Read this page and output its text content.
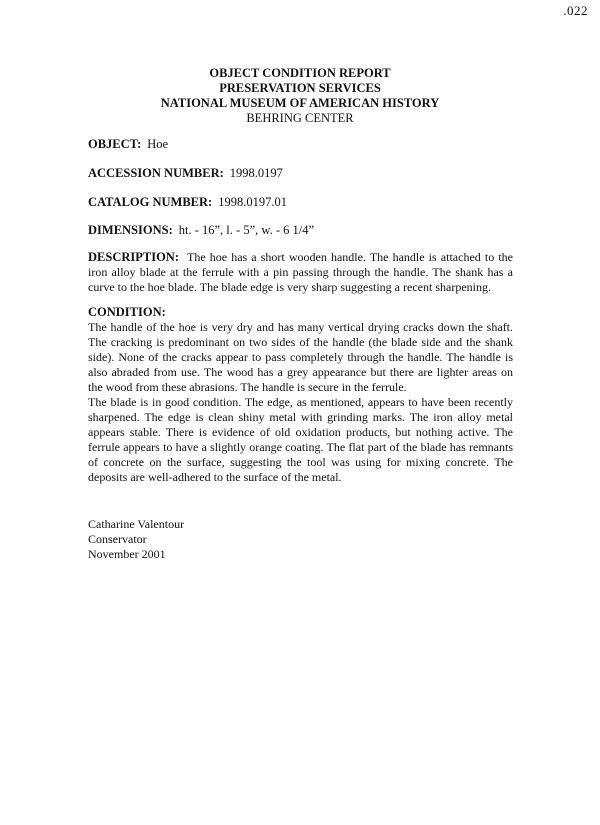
.022
OBJECT CONDITION REPORT
PRESERVATION SERVICES
NATIONAL MUSEUM OF AMERICAN HISTORY
BEHRING CENTER
OBJECT: Hoe
ACCESSION NUMBER: 1998.0197
CATALOG NUMBER: 1998.0197.01
DIMENSIONS: ht. - 16”, l. - 5”, w. - 6 1/4”

DESCRIPTION: The hoe has a short wooden handle. The handle is attached to the iron alloy blade at the ferrule with a pin passing through the handle. The shank has a curve to the hoe blade. The blade edge is very sharp suggesting a recent sharpening.

CONDITION:

The handle of the hoe is very dry and has many vertical drying cracks down the shaft. The cracking is predominant on two sides of the handle (the blade side and the shank side). None of the cracks appear to pass completely through the handle. The handle is also abraded from use. The wood has a grey appearance but there are lighter areas on the wood from these abrasions. The handle is secure in the ferrule.

The blade is in good condition. The edge, as mentioned, appears to have been recently sharpened. The edge is clean shiny metal with grinding marks. The iron alloy metal appears stable. There is evidence of old oxidation products, but nothing active. The ferrule appears to have a slightly orange coating. The flat part of the blade has remnants of concrete on the surface, suggesting the tool was using for mixing concrete. The deposits are well-adhered to the surface of the metal.

Catharine Valentour
Conservator
November 2001
